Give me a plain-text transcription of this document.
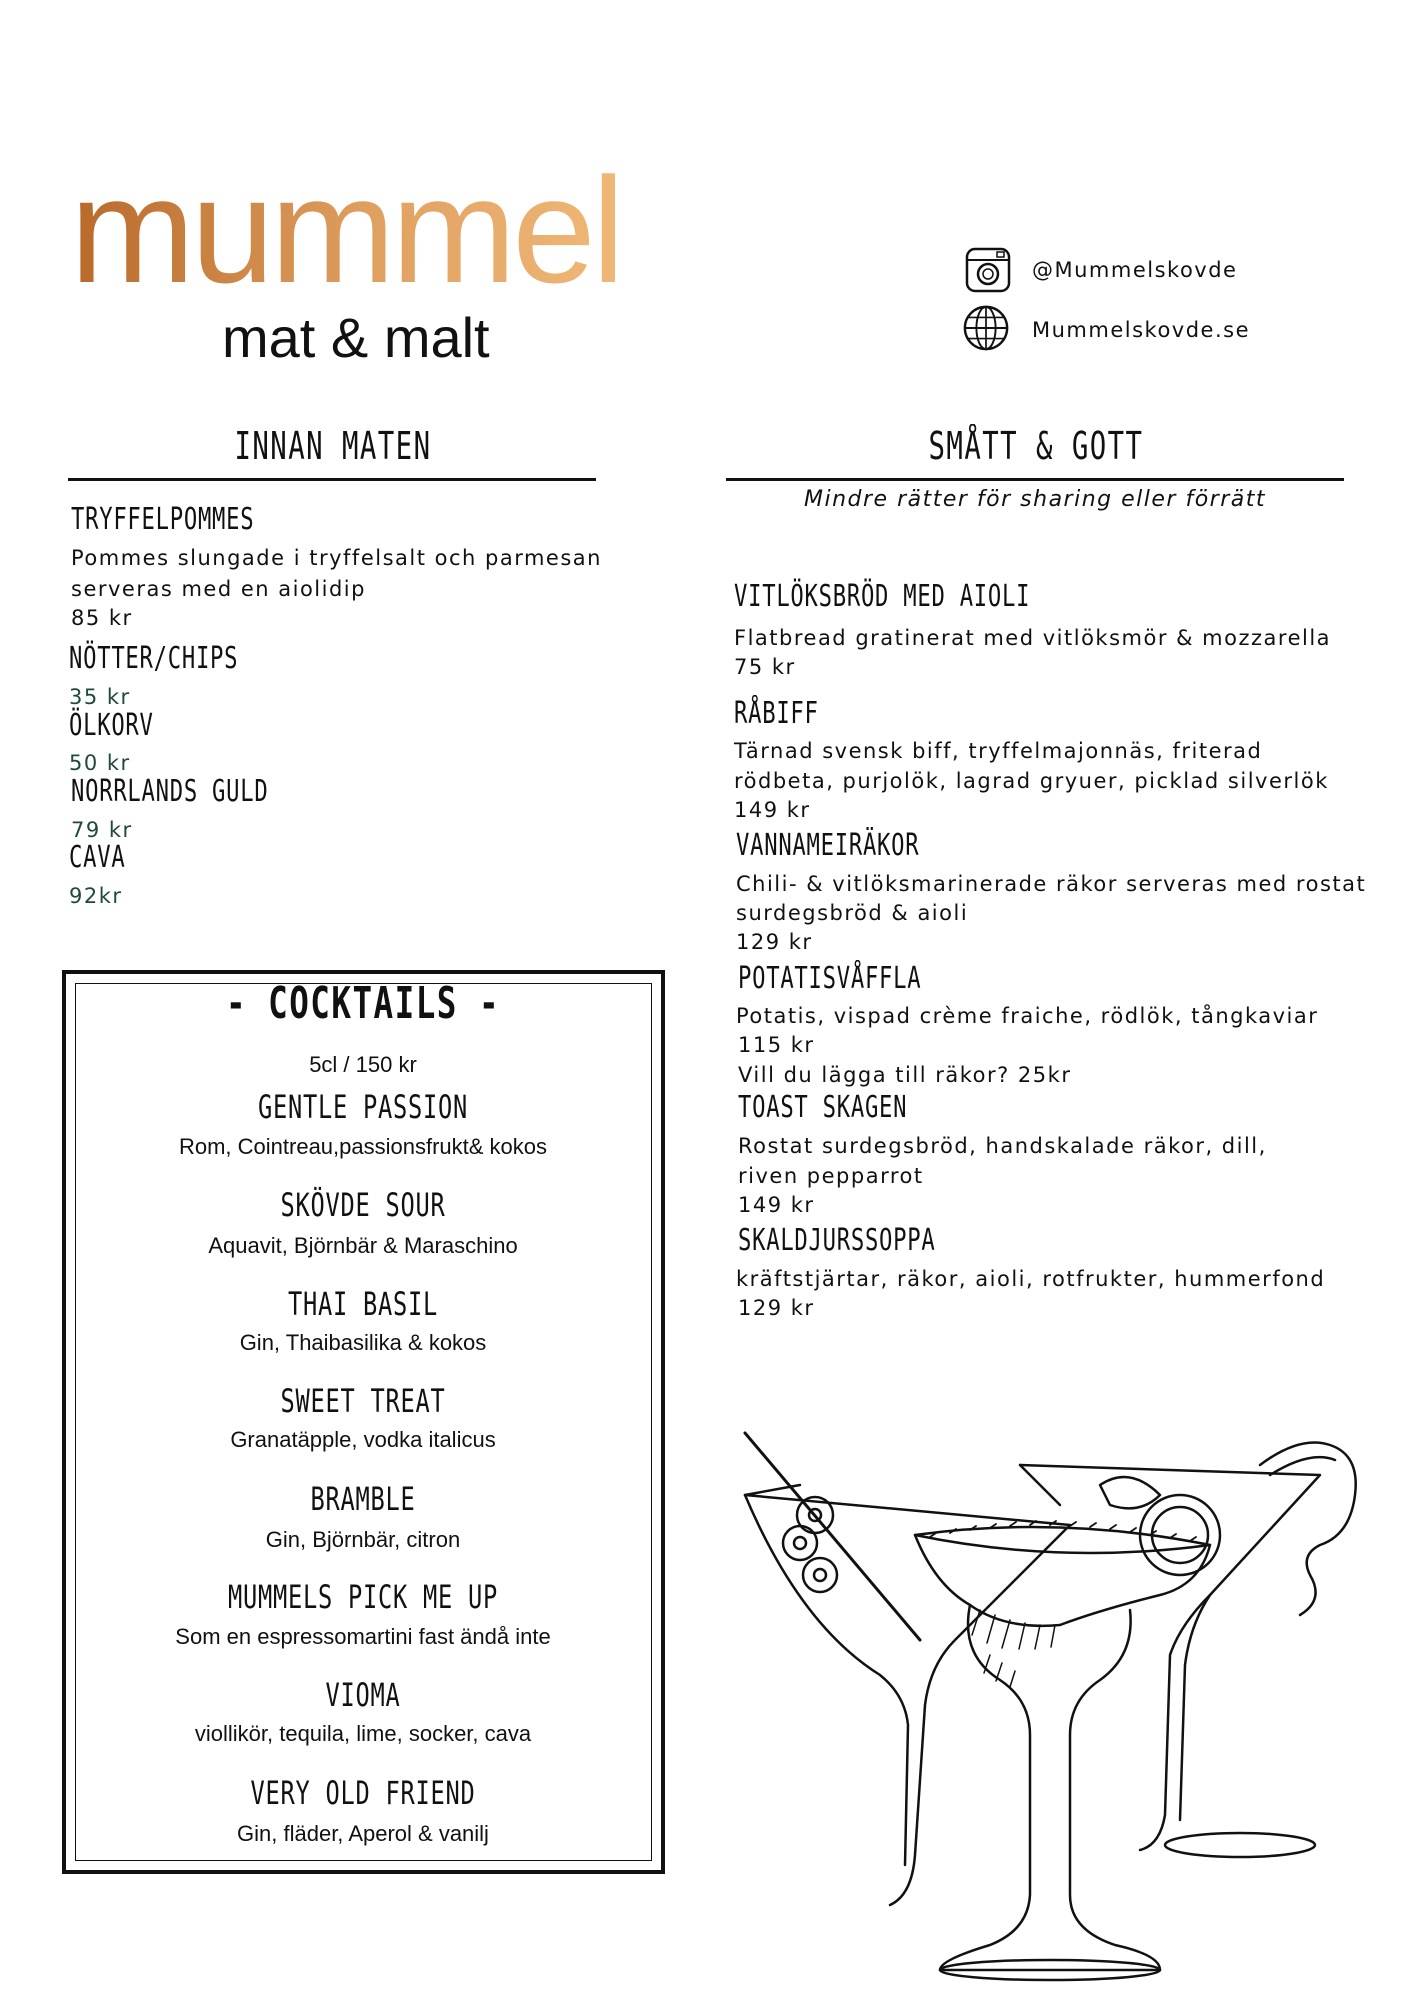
mummel
mat & malt
@Mummelskovde
Mummelskovde.se
INNAN MATEN
TRYFFELPOMMES
Pommes slungade i tryffelsalt och parmesan
serveras med en aiolidip
85 kr
NÖTTER/CHIPS
35 kr
ÖLKORV
50 kr
NORRLANDS GULD
79 kr
CAVA
92kr
SMÅTT & GOTT
Mindre rätter för sharing eller förrätt
VITLÖKSBRÖD MED AIOLI
Flatbread gratinerat med vitlöksmör & mozzarella
75 kr
RÅBIFF
Tärnad svensk biff, tryffelmajonnäs, friterad
rödbeta, purjolök, lagrad gryuer, picklad silverlök
149 kr
VANNAMEIRÄKOR
Chili- & vitlöksmarinerade räkor serveras med rostat
surdegsbröd & aioli
129 kr
POTATISVÅFFLA
Potatis, vispad crème fraiche, rödlök, tångkaviar
115 kr
Vill du lägga till räkor? 25kr
TOAST SKAGEN
Rostat surdegsbröd, handskalade räkor, dill,
riven pepparrot
149 kr
SKALDJURSSOPPA
kräftstjärtar, räkor, aioli, rotfrukter, hummerfond
129 kr
- COCKTAILS -
5cl / 150 kr
GENTLE PASSION
Rom, Cointreau,passionsfrukt& kokos
SKÖVDE SOUR
Aquavit, Björnbär & Maraschino
THAI BASIL
Gin, Thaibasilika & kokos
SWEET TREAT
Granatäpple, vodka italicus
BRAMBLE
Gin, Björnbär, citron
MUMMELS PICK ME UP
Som en espressomartini fast ändå inte
VIOMA
viollikör, tequila, lime, socker, cava
VERY OLD FRIEND
Gin, fläder, Aperol & vanilj
